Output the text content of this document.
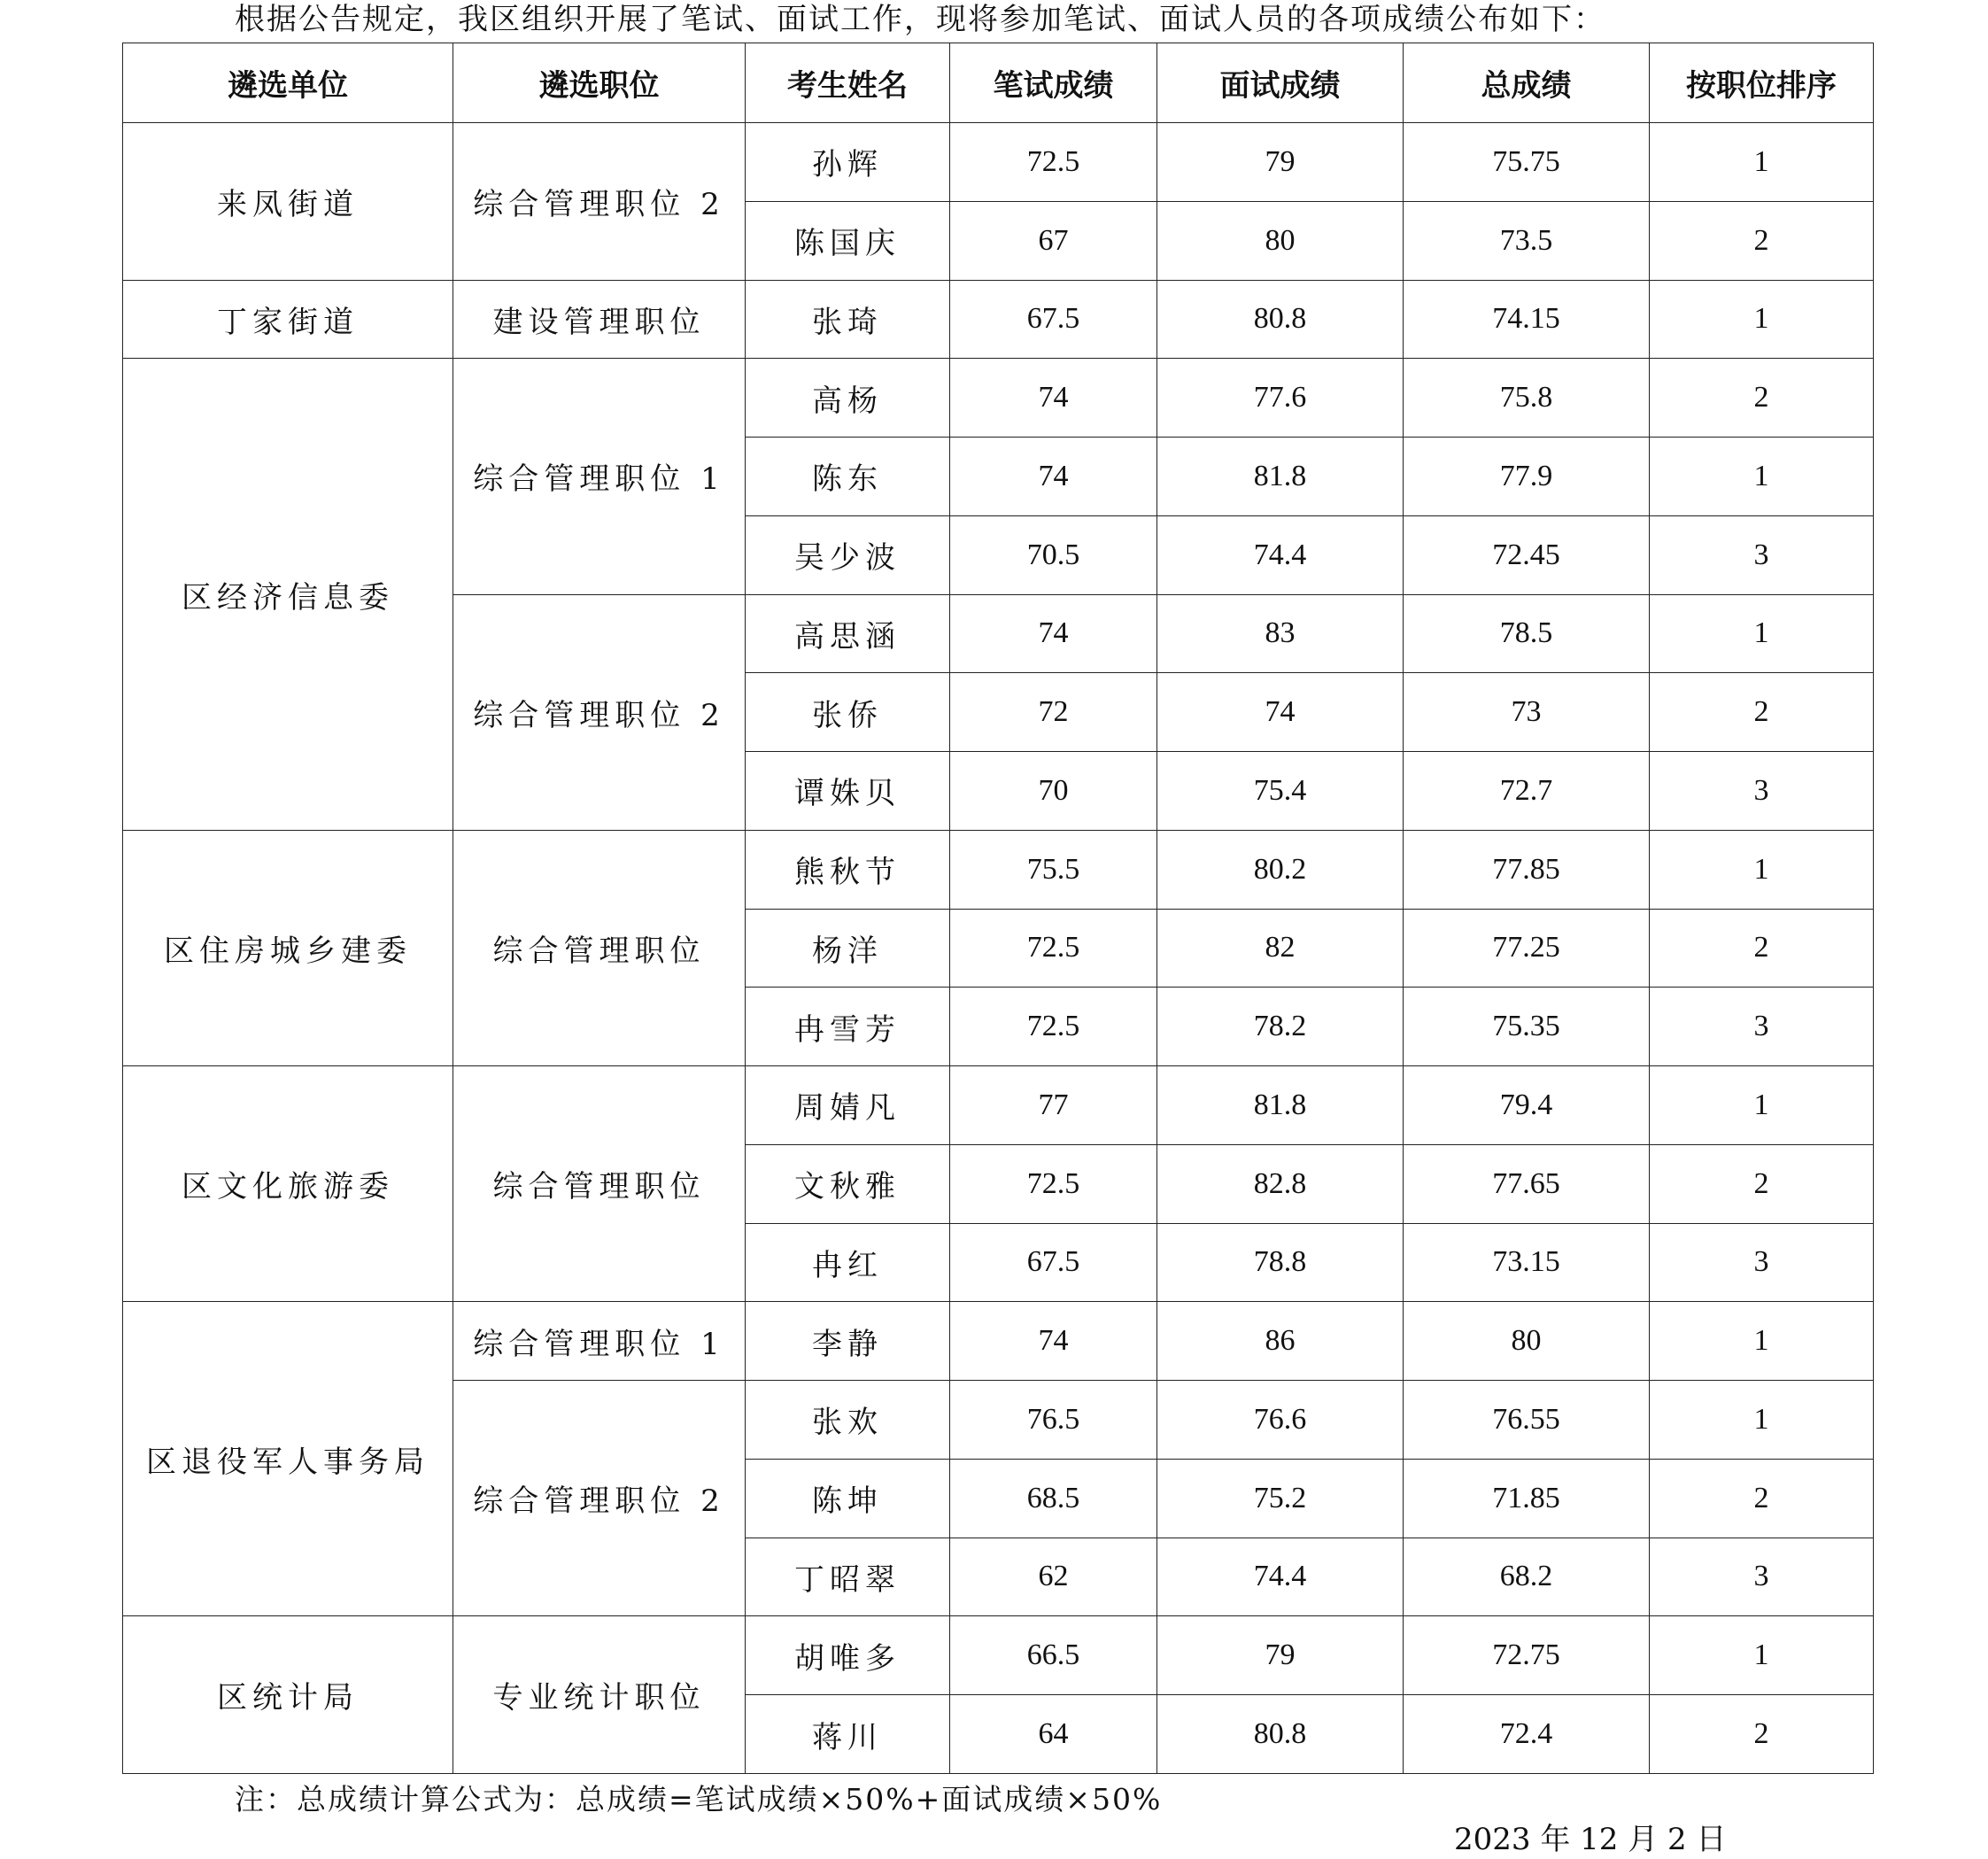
根据公告规定，我区组织开展了笔试、面试工作，现将参加笔试、面试人员的各项成绩公布如下：
遴选单位	遴选职位	考生姓名	笔试成绩	面试成绩	总成绩	按职位排序
来凤街道	综合管理职位 2	孙辉	72.5	79	75.75	1
		陈国庆	67	80	73.5	2
丁家街道	建设管理职位	张琦	67.5	80.8	74.15	1
区经济信息委	综合管理职位 1	高杨	74	77.6	75.8	2
		陈东	74	81.8	77.9	1
		吴少波	70.5	74.4	72.45	3
	综合管理职位 2	高思涵	74	83	78.5	1
		张侨	72	74	73	2
		谭姝贝	70	75.4	72.7	3
区住房城乡建委	综合管理职位	熊秋节	75.5	80.2	77.85	1
		杨洋	72.5	82	77.25	2
		冉雪芳	72.5	78.2	75.35	3
区文化旅游委	综合管理职位	周婧凡	77	81.8	79.4	1
		文秋雅	72.5	82.8	77.65	2
		冉红	67.5	78.8	73.15	3
区退役军人事务局	综合管理职位 1	李静	74	86	80	1
	综合管理职位 2	张欢	76.5	76.6	76.55	1
		陈坤	68.5	75.2	71.85	2
		丁昭翠	62	74.4	68.2	3
区统计局	专业统计职位	胡唯多	66.5	79	72.75	1
		蒋川	64	80.8	72.4	2
注：总成绩计算公式为：总成绩=笔试成绩×50%+面试成绩×50%
2023 年 12 月 2 日
